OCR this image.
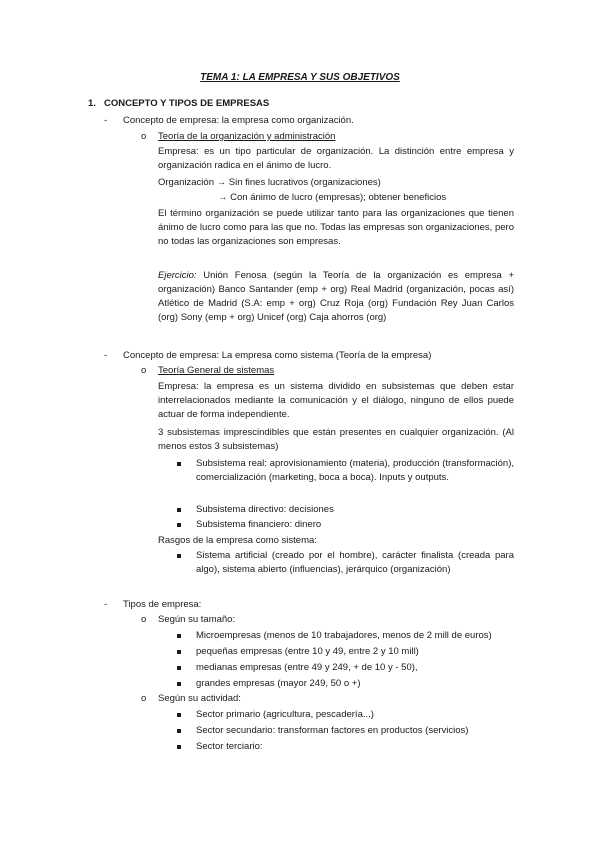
TEMA 1: LA EMPRESA Y SUS OBJETIVOS
1. CONCEPTO Y TIPOS DE EMPRESAS
- Concepto de empresa: la empresa como organización.
o Teoría de la organización y administración
Empresa: es un tipo particular de organización. La distinción entre empresa y organización radica en el ánimo de lucro.
Organización → Sin fines lucrativos (organizaciones)
→ Con ánimo de lucro (empresas); obtener beneficios
El término organización se puede utilizar tanto para las organizaciones que tienen ánimo de lucro como para las que no. Todas las empresas son organizaciones, pero no todas las organizaciones son empresas.
Ejercicio: Unión Fenosa (según la Teoría de la organización es empresa + organización) Banco Santander (emp + org) Real Madrid (organización, pocas así) Atlético de Madrid (S.A: emp + org) Cruz Roja (org) Fundación Rey Juan Carlos (org) Sony (emp + org) Unicef (org) Caja ahorros (org)
- Concepto de empresa: La empresa como sistema (Teoría de la empresa)
o Teoría General de sistemas
Empresa: la empresa es un sistema dividido en subsistemas que deben estar interrelacionados mediante la comunicación y el diálogo, ninguno de ellos puede actuar de forma independiente.
3 subsistemas imprescindibles que están presentes en cualquier organización. (Al menos estos 3 subsistemas)
Subsistema real: aprovisionamiento (materia), producción (transformación), comercialización (marketing, boca a boca). Inputs y outputs.
Subsistema directivo: decisiones
Subsistema financiero: dinero
Rasgos de la empresa como sistema:
Sistema artificial (creado por el hombre), carácter finalista (creada para algo), sistema abierto (influencias), jerárquico (organización)
- Tipos de empresa:
o Según su tamaño:
Microempresas (menos de 10 trabajadores, menos de 2 mill de euros)
pequeñas empresas (entre 10 y 49, entre 2 y 10 mill)
medianas empresas (entre 49 y 249, + de 10 y - 50),
grandes empresas (mayor 249, 50 o +)
o Según su actividad:
Sector primario (agricultura, pescadería...)
Sector secundario: transforman factores en productos (servicios)
Sector terciario:
